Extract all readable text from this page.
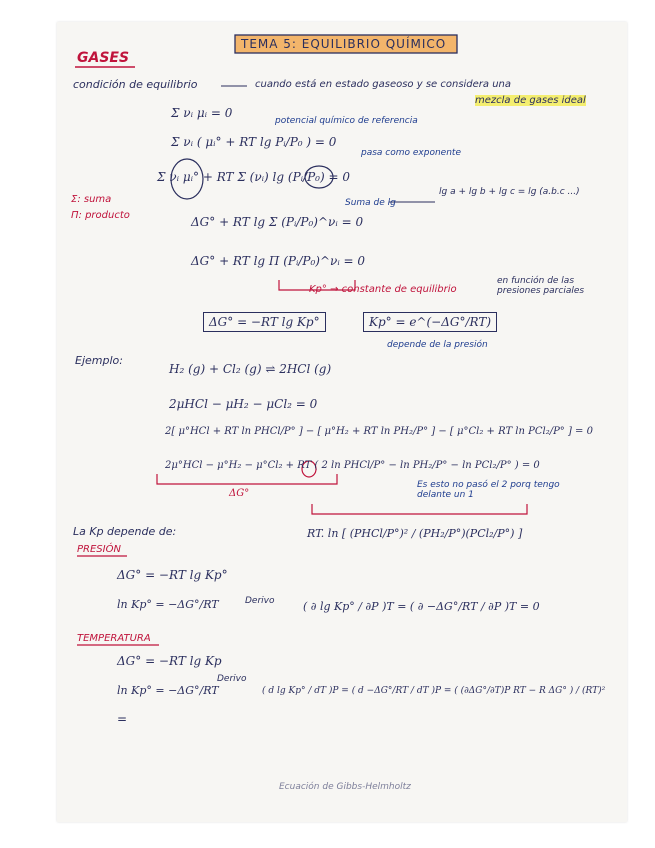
TEMA 5: EQUILIBRIO QUÍMICO
GASES
condición de equilibrio	cuando está en estado gaseoso y se considera una
mezcla de gases ideal
Σ νᵢ μᵢ = 0
potencial químico de referencia
Σ νᵢ ( μᵢ° + RT lg Pᵢ/P₀ ) = 0
pasa como exponente
Σ νᵢ μᵢ° + RT Σ (νᵢ) lg (Pᵢ/P₀) = 0
Σ: suma
Π: producto
Suma de lg
lg a + lg b + lg c = lg (a.b.c ...)
ΔG° + RT lg Σ (Pᵢ/P₀)^νᵢ = 0
ΔG° + RT lg Π (Pᵢ/P₀)^νᵢ = 0
Kp° → constante de equilibrio
en función de las presiones parciales
ΔG° = −RT lg Kp°	Kp° = e^(−ΔG°/RT)
depende de la presión
Ejemplo:
H₂ (g) + Cl₂ (g) ⇌ 2HCl (g)
2μHCl − μH₂ − μCl₂ = 0
2[ μ°HCl + RT ln PHCl/P° ] − [ μ°H₂ + RT ln PH₂/P° ] − [ μ°Cl₂ + RT ln PCl₂/P° ] = 0
2μ°HCl − μ°H₂ − μ°Cl₂ + RT ( 2 ln PHCl/P° − ln PH₂/P° − ln PCl₂/P° ) = 0
Es esto no pasó el 2 porq tengo delante un 1
ΔG°
RT. ln [ (PHCl/P°)² / (PH₂/P°)(PCl₂/P°) ]
La Kp depende de:
PRESIÓN
ΔG° = −RT lg Kp°
ln Kp° = −ΔG°/RT	Derivo	( ∂ lg Kp° / ∂P )T = ( ∂ −ΔG°/RT / ∂P )T = 0
TEMPERATURA
ΔG° = −RT lg Kp
ln Kp° = −ΔG°/RT
Derivo
( d lg Kp° / dT )P = ( d −ΔG°/RT / dT )P = ( (∂ΔG°/∂T)P RT − R ΔG° ) / (RT)²
=
Ecuación de Gibbs-Helmholtz
